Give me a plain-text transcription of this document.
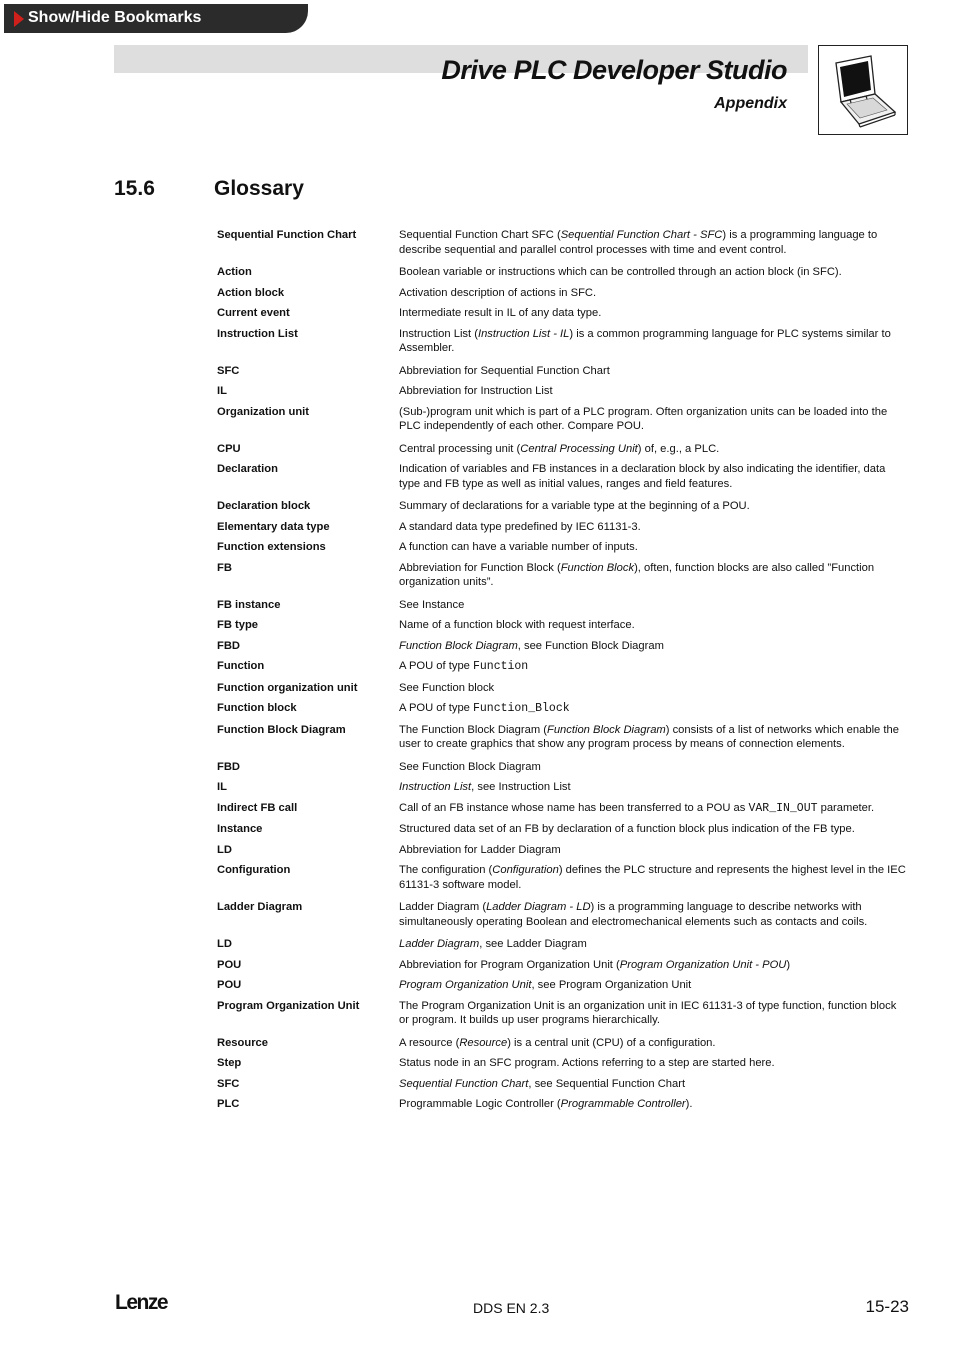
Show/Hide Bookmarks
Drive PLC Developer Studio
Appendix
15.6	Glossary
Sequential Function Chart	Sequential Function Chart SFC (Sequential Function Chart - SFC) is a programming language to describe sequential and parallel control processes with time and event control.
Action	Boolean variable or instructions which can be controlled through an action block (in SFC).
Action block	Activation description of actions in SFC.
Current event	Intermediate result in IL of any data type.
Instruction List	Instruction List (Instruction List - IL) is a common programming language for PLC systems similar to Assembler.
SFC	Abbreviation for Sequential Function Chart
IL	Abbreviation for Instruction List
Organization unit	(Sub-)program unit which is part of a PLC program. Often organization units can be loaded into the PLC independently of each other. Compare POU.
CPU	Central processing unit (Central Processing Unit) of, e.g., a PLC.
Declaration	Indication of variables and FB instances in a declaration block by also indicating the identifier, data type and FB type as well as initial values, ranges and field features.
Declaration block	Summary of declarations for a variable type at the beginning of a POU.
Elementary data type	A standard data type predefined by IEC 61131-3.
Function extensions	A function can have a variable number of inputs.
FB	Abbreviation for Function Block (Function Block), often, function blocks are also called ”Function organization units”.
FB instance	See Instance
FB type	Name of a function block with request interface.
FBD	Function Block Diagram, see Function Block Diagram
Function	A POU of type Function
Function organization unit	See Function block
Function block	A POU of type Function_Block
Function Block Diagram	The Function Block Diagram (Function Block Diagram) consists of a list of networks which enable the user to create graphics that show any program process by means of connection elements.
FBD	See Function Block Diagram
IL	Instruction List, see Instruction List
Indirect FB call	Call of an FB instance whose name has been transferred to a POU as VAR_IN_OUT parameter.
Instance	Structured data set of an FB by declaration of a function block plus indication of the FB type.
LD	Abbreviation for Ladder Diagram
Configuration	The configuration (Configuration) defines the PLC structure and represents the highest level in the IEC 61131-3 software model.
Ladder Diagram	Ladder Diagram (Ladder Diagram - LD) is a programming language to describe networks with simultaneously operating Boolean and electromechanical elements such as contacts and coils.
LD	Ladder Diagram, see Ladder Diagram
POU	Abbreviation for Program Organization Unit (Program Organization Unit - POU)
POU	Program Organization Unit, see Program Organization Unit
Program Organization Unit	The Program Organization Unit is an organization unit in IEC 61131-3 of type function, function block or program. It builds up user programs hierarchically.
Resource	A resource (Resource) is a central unit (CPU) of a configuration.
Step	Status node in an SFC program. Actions referring to a step are started here.
SFC	Sequential Function Chart, see Sequential Function Chart
PLC	Programmable Logic Controller (Programmable Controller).
Lenze	DDS EN 2.3	15-23
